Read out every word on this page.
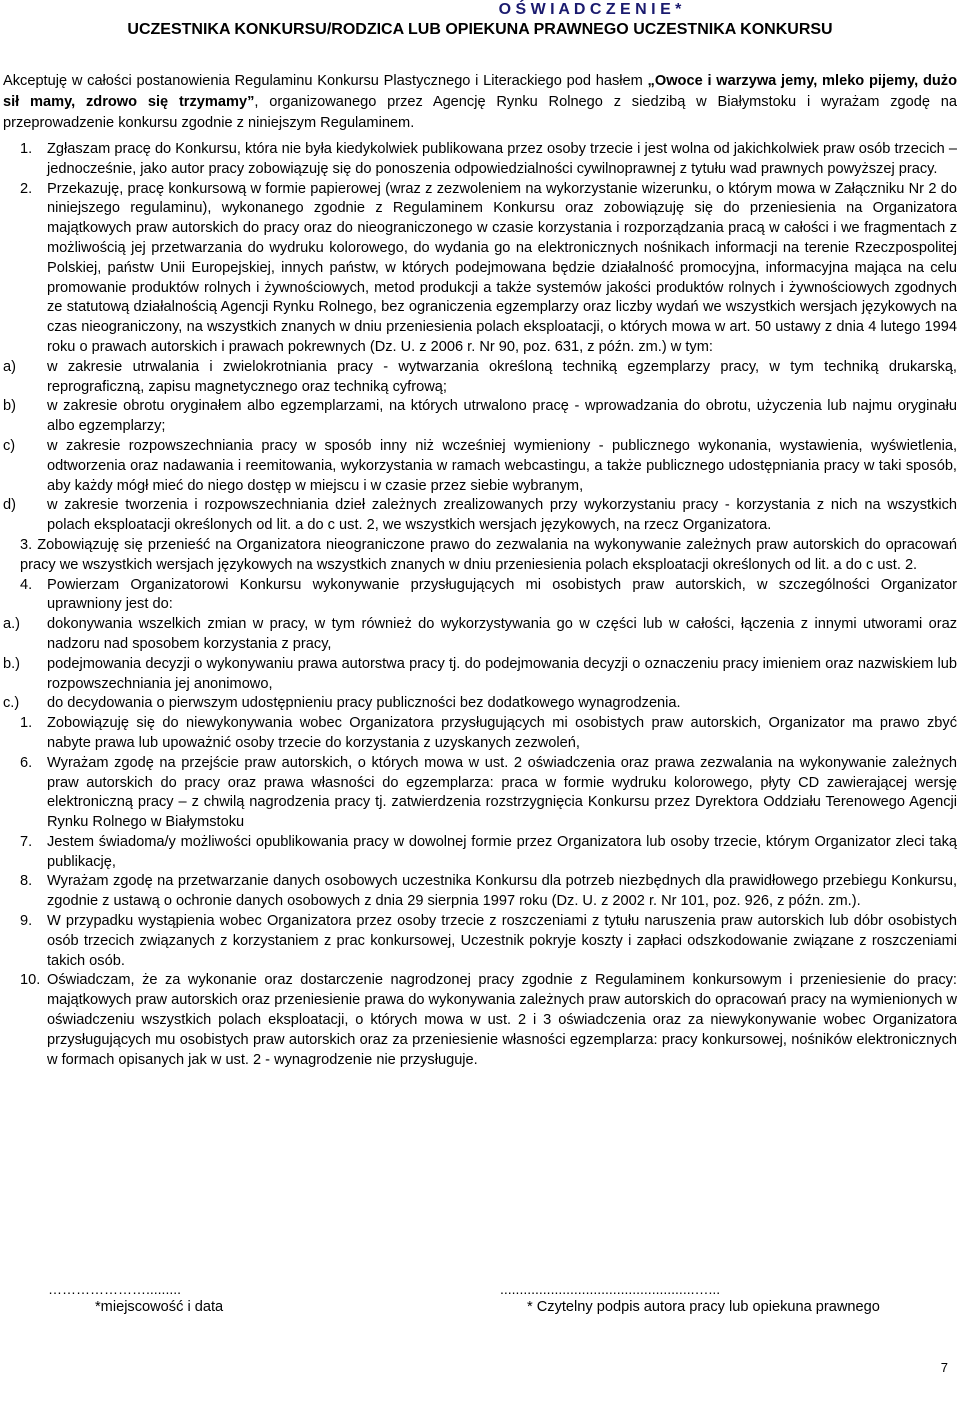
O Ś W I A D C Z E N I E *
UCZESTNIKA KONKURSU/RODZICA LUB OPIEKUNA PRAWNEGO UCZESTNIKA KONKURSU
Akceptuję w całości postanowienia Regulaminu Konkursu Plastycznego i Literackiego pod hasłem „Owoce i warzywa jemy, mleko pijemy, dużo sił mamy, zdrowo się trzymamy”, organizowanego przez Agencję Rynku Rolnego z siedzibą w Białymstoku i wyrażam zgodę na przeprowadzenie konkursu zgodnie z niniejszym Regulaminem.
1.	Zgłaszam pracę do Konkursu, która nie była kiedykolwiek publikowana przez osoby trzecie i jest wolna od jakichkolwiek praw osób trzecich – jednocześnie, jako autor pracy zobowiązuję się do ponoszenia odpowiedzialności cywilnoprawnej z tytułu wad prawnych powyższej pracy.
2.	Przekazuję, pracę konkursową w formie papierowej (wraz z zezwoleniem na wykorzystanie wizerunku, o którym mowa w Załączniku Nr 2 do niniejszego regulaminu), wykonanego zgodnie z Regulaminem Konkursu oraz zobowiązuję się do przeniesienia na Organizatora majątkowych praw autorskich do pracy oraz do nieograniczonego w czasie korzystania i rozporządzania pracą w całości i we fragmentach z możliwością jej przetwarzania do wydruku kolorowego, do wydania go na elektronicznych nośnikach informacji na terenie Rzeczpospolitej Polskiej, państw Unii Europejskiej, innych państw, w których podejmowana będzie działalność promocyjna, informacyjna mająca na celu promowanie produktów rolnych i żywnościowych, metod produkcji a także systemów jakości produktów rolnych i żywnościowych zgodnych ze statutową działalnością Agencji Rynku Rolnego, bez ograniczenia egzemplarzy oraz liczby wydań we wszystkich wersjach językowych na czas nieograniczony, na wszystkich znanych w dniu przeniesienia polach eksploatacji, o których mowa w art. 50 ustawy z dnia 4 lutego 1994 roku o prawach autorskich i prawach pokrewnych (Dz. U. z 2006 r. Nr 90, poz. 631, z późn. zm.) w tym:
a)	w zakresie utrwalania i zwielokrotniania pracy - wytwarzania określoną techniką egzemplarzy pracy, w tym techniką drukarską, reprograficzną, zapisu magnetycznego oraz techniką cyfrową;
b)	w zakresie obrotu oryginałem albo egzemplarzami, na których utrwalono pracę - wprowadzania do obrotu, użyczenia lub najmu oryginału albo egzemplarzy;
c)	w zakresie rozpowszechniania pracy w sposób inny niż wcześniej wymieniony - publicznego wykonania, wystawienia, wyświetlenia, odtworzenia oraz nadawania i reemitowania, wykorzystania w ramach webcastingu, a także publicznego udostępniania pracy w taki sposób, aby każdy mógł mieć do niego dostęp w miejscu i w czasie przez siebie wybranym,
d)	w zakresie tworzenia i rozpowszechniania dzieł zależnych zrealizowanych przy wykorzystaniu pracy - korzystania z nich na wszystkich polach eksploatacji określonych od lit. a do c ust. 2, we wszystkich wersjach językowych, na rzecz Organizatora.
3. Zobowiązuję się przenieść na Organizatora nieograniczone prawo do zezwalania na wykonywanie zależnych praw autorskich do opracowań pracy we wszystkich wersjach językowych na wszystkich znanych w dniu przeniesienia polach eksploatacji określonych od lit. a do c ust. 2.
4.	Powierzam Organizatorowi Konkursu wykonywanie przysługujących mi osobistych praw autorskich, w szczególności Organizator uprawniony jest do:
a.)	dokonywania wszelkich zmian w pracy, w tym również do wykorzystywania go w części lub w całości, łączenia z innymi utworami oraz nadzoru nad sposobem korzystania z pracy,
b.)	podejmowania decyzji o wykonywaniu prawa autorstwa pracy tj. do podejmowania decyzji o oznaczeniu pracy imieniem oraz nazwiskiem lub rozpowszechniania jej anonimowo,
c.)	do decydowania o pierwszym udostępnieniu pracy publiczności bez dodatkowego wynagrodzenia.
1.	Zobowiązuję się do niewykonywania wobec Organizatora przysługujących mi osobistych praw autorskich, Organizator ma prawo zbyć nabyte prawa lub upoważnić osoby trzecie do korzystania z uzyskanych zezwoleń,
6.	Wyrażam zgodę na przejście praw autorskich, o których mowa w ust. 2 oświadczenia oraz prawa zezwalania na wykonywanie zależnych praw autorskich do pracy oraz prawa własności do egzemplarza: praca w formie wydruku kolorowego, płyty CD zawierającej wersję elektroniczną pracy – z chwilą nagrodzenia pracy tj. zatwierdzenia rozstrzygnięcia Konkursu przez Dyrektora Oddziału Terenowego Agencji Rynku Rolnego w Białymstoku
7.	Jestem świadoma/y możliwości opublikowania pracy w dowolnej formie przez Organizatora lub osoby trzecie, którym Organizator zleci taką publikację,
8.	Wyrażam zgodę na przetwarzanie danych osobowych uczestnika Konkursu dla potrzeb niezbędnych dla prawidłowego przebiegu Konkursu, zgodnie z ustawą o ochronie danych osobowych z dnia 29 sierpnia 1997 roku (Dz. U. z 2002 r. Nr 101, poz. 926, z późn. zm.).
9.	W przypadku wystąpienia wobec Organizatora przez osoby trzecie z roszczeniami z tytułu naruszenia praw autorskich lub dóbr osobistych osób trzecich związanych z korzystaniem z prac konkursowej, Uczestnik pokryje koszty i zapłaci odszkodowanie związane z roszczeniami takich osób.
10. Oświadczam, że za wykonanie oraz dostarczenie nagrodzonej pracy zgodnie z Regulaminem konkursowym i przeniesienie do pracy: majątkowych praw autorskich oraz przeniesienie prawa do wykonywania zależnych praw autorskich do opracowań pracy na wymienionych w oświadczeniu wszystkich polach eksploatacji, o których mowa w ust. 2 i 3 oświadczenia oraz za niewykonywanie wobec Organizatora przysługujących mu osobistych praw autorskich oraz za przeniesienie własności egzemplarza: pracy konkursowej, nośników elektronicznych w formach opisanych jak w ust. 2 - wynagrodzenie nie przysługuje.
………………….........	..................................................…...
*miejscowość i data	* Czytelny podpis autora pracy lub opiekuna prawnego
7
